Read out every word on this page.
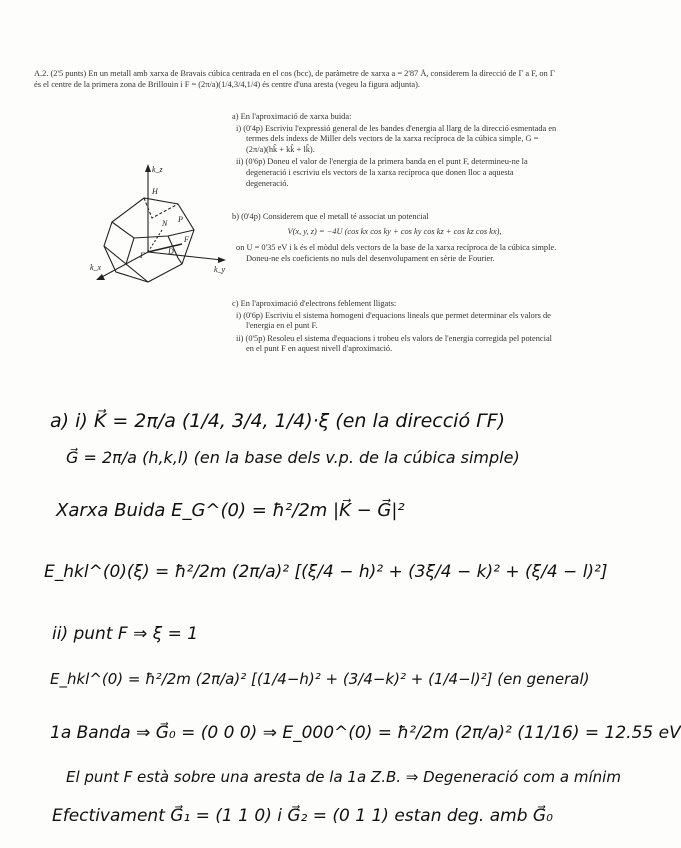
A.2. (2'5 punts) En un metall amb xarxa de Bravais cúbica centrada en el cos (bcc), de paràmetre de xarxa a = 2'87 Å, considerem la direcció de Γ a F, on Γ és el centre de la primera zona de Brillouin i F = (2π/a)(1/4,3/4,1/4) és centre d'una aresta (vegeu la figura adjunta).

a) En l'aproximació de xarxa buida:

i) (0'4p) Escriviu l'expressió general de les bandes d'energia al llarg de la direcció esmentada en termes dels índexs de Miller dels vectors de la xarxa recíproca de la cúbica simple, G = (2π/a)(hk̂ + kk̂ + lk̂).

ii) (0'6p) Doneu el valor de l'energia de la primera banda en el punt F, determineu-ne la degeneració i escriviu els vectors de la xarxa recíproca que donen lloc a aquesta degeneració.

b) (0'4p) Considerem que el metall té associat un potencial

V(x, y, z) = −4U (cos kx cos ky + cos ky cos kz + cos kz cos kx),

on U = 0'35 eV i k és el mòdul dels vectors de la base de la xarxa recíproca de la cúbica simple. Doneu-ne els coeficients no nuls del desenvolupament en sèrie de Fourier.

c) En l'aproximació d'electrons feblement lligats:

i) (0'6p) Escriviu el sistema homogeni d'equacions lineals que permet determinar els valors de l'energia en el punt F.

ii) (0'5p) Resoleu el sistema d'equacions i trobeu els valors de l'energia corregida pel potencial en el punt F en aquest nivell d'aproximació.

k_z
k_y
k_x
Γ
F
N
H
P
D
a) i) K⃗ = 2π/a (1/4, 3/4, 1/4)·ξ (en la direcció ΓF)
G⃗ = 2π/a (h,k,l) (en la base dels v.p. de la cúbica simple)
Xarxa Buida E_G^(0) = ħ²/2m |K⃗ − G⃗|²
E_hkl^(0)(ξ) = ħ²/2m (2π/a)² [(ξ/4 − h)² + (3ξ/4 − k)² + (ξ/4 − l)²]
ii) punt F ⇒ ξ = 1
E_hkl^(0) = ħ²/2m (2π/a)² [(1/4−h)² + (3/4−k)² + (1/4−l)²] (en general)
1a Banda ⇒ G⃗₀ = (0 0 0) ⇒ E_000^(0) = ħ²/2m (2π/a)² (11/16) = 12.55 eV
El punt F està sobre una aresta de la 1a Z.B. ⇒ Degeneració com a mínim
Efectivament G⃗₁ = (1 1 0) i G⃗₂ = (0 1 1) estan deg. amb G⃗₀
